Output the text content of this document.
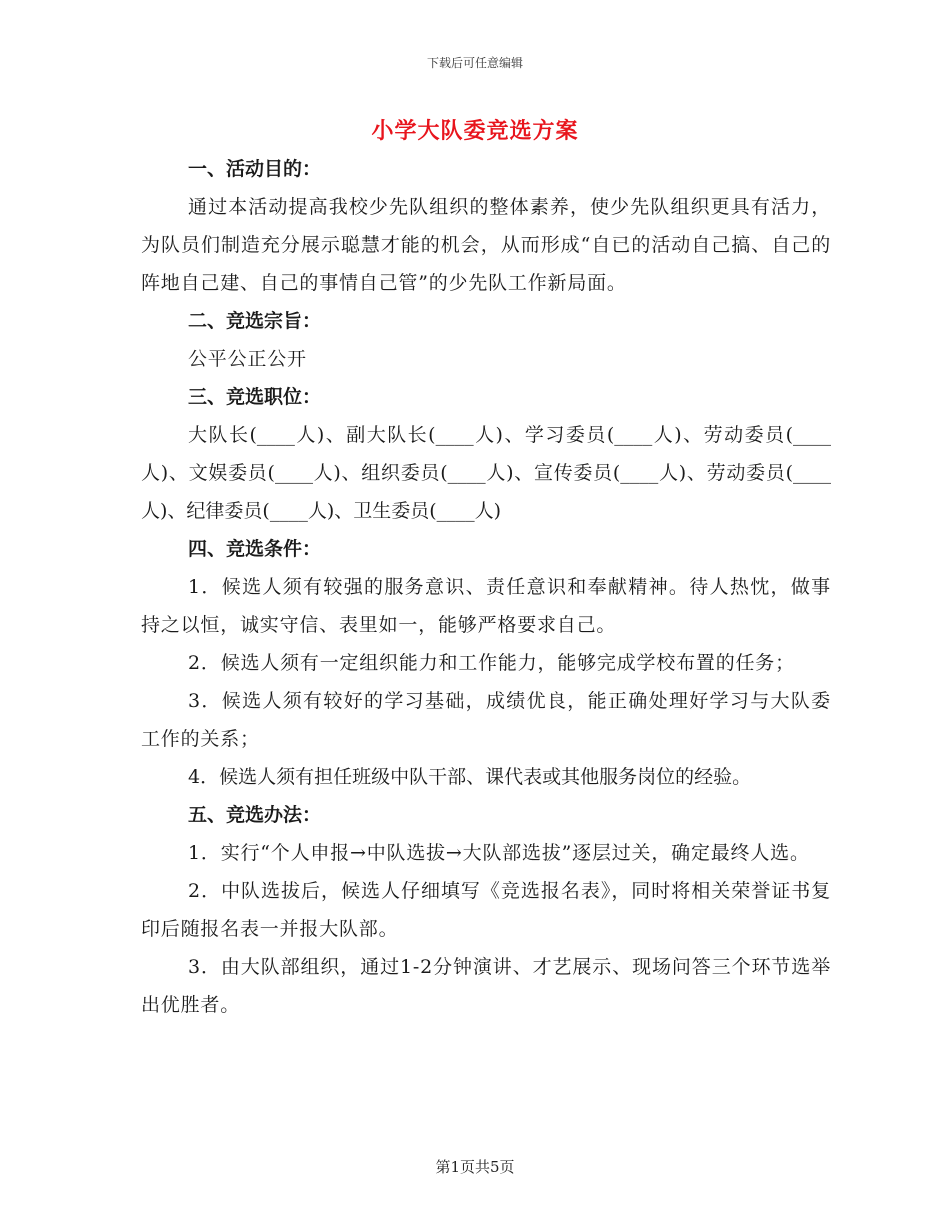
下载后可任意编辑
小学大队委竞选方案
一、活动目的：

通过本活动提高我校少先队组织的整体素养，使少先队组织更具有活力，为队员们制造充分展示聪慧才能的机会，从而形成“自已的活动自己搞、自己的阵地自己建、自己的事情自己管”的少先队工作新局面。

二、竞选宗旨：

公平公正公开

三、竞选职位：

大队长(____人)、副大队长(____人)、学习委员(____人)、劳动委员(____人)、文娱委员(____人)、组织委员(____人)、宣传委员(____人)、劳动委员(____人)、纪律委员(____人)、卫生委员(____人)

四、竞选条件：

1．候选人须有较强的服务意识、责任意识和奉献精神。待人热忱，做事持之以恒，诚实守信、表里如一，能够严格要求自己。

2．候选人须有一定组织能力和工作能力，能够完成学校布置的任务；

3．候选人须有较好的学习基础，成绩优良，能正确处理好学习与大队委工作的关系；

4．候选人须有担任班级中队干部、课代表或其他服务岗位的经验。

五、竞选办法：

1．实行“个人申报→中队选拔→大队部选拔”逐层过关，确定最终人选。

2．中队选拔后，候选人仔细填写《竞选报名表》，同时将相关荣誉证书复印后随报名表一并报大队部。

3．由大队部组织，通过1-2分钟演讲、才艺展示、现场问答三个环节选举出优胜者。

第1页共5页
